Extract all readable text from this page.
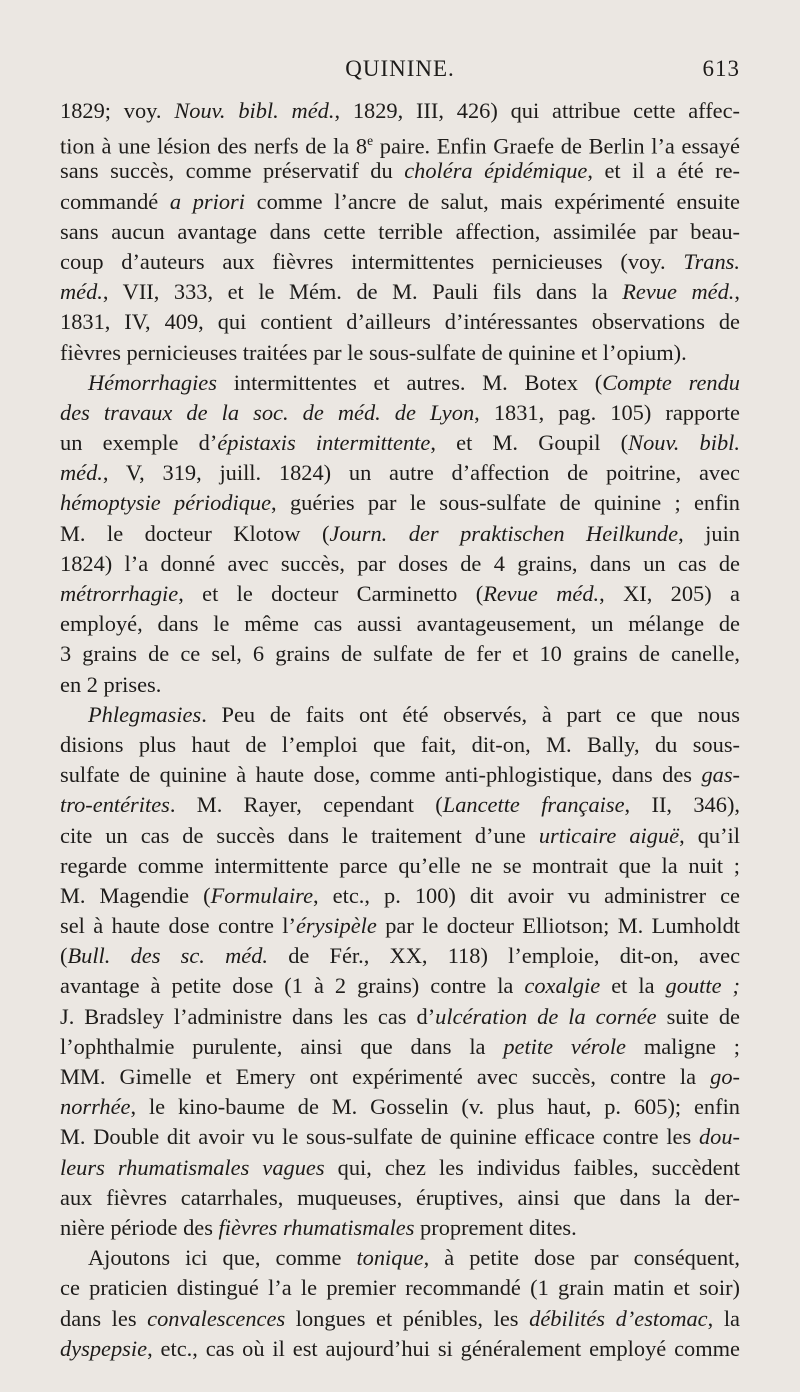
QUININE.	613
1829; voy. Nouv. bibl. méd., 1829, III, 426) qui attribue cette affec-
tion à une lésion des nerfs de la 8e paire. Enfin Graefe de Berlin l’a essayé
sans succès, comme préservatif du choléra épidémique, et il a été re-
commandé a priori comme l’ancre de salut, mais expérimenté ensuite
sans aucun avantage dans cette terrible affection, assimilée par beau-
coup d’auteurs aux fièvres intermittentes pernicieuses (voy. Trans.
méd., VII, 333, et le Mém. de M. Pauli fils dans la Revue méd.,
1831, IV, 409, qui contient d’ailleurs d’intéressantes observations de
fièvres pernicieuses traitées par le sous-sulfate de quinine et l’opium).
Hémorrhagies intermittentes et autres. M. Botex (Compte rendu
des travaux de la soc. de méd. de Lyon, 1831, pag. 105) rapporte
un exemple d’épistaxis intermittente, et M. Goupil (Nouv. bibl.
méd., V, 319, juill. 1824) un autre d’affection de poitrine, avec
hémoptysie périodique, guéries par le sous-sulfate de quinine ; enfin
M. le docteur Klotow (Journ. der praktischen Heilkunde, juin
1824) l’a donné avec succès, par doses de 4 grains, dans un cas de
métrorrhagie, et le docteur Carminetto (Revue méd., XI, 205) a
employé, dans le même cas aussi avantageusement, un mélange de
3 grains de ce sel, 6 grains de sulfate de fer et 10 grains de canelle,
en 2 prises.
Phlegmasies. Peu de faits ont été observés, à part ce que nous
disions plus haut de l’emploi que fait, dit-on, M. Bally, du sous-
sulfate de quinine à haute dose, comme anti-phlogistique, dans des gas-
tro-entérites. M. Rayer, cependant (Lancette française, II, 346),
cite un cas de succès dans le traitement d’une urticaire aiguë, qu’il
regarde comme intermittente parce qu’elle ne se montrait que la nuit ;
M. Magendie (Formulaire, etc., p. 100) dit avoir vu administrer ce
sel à haute dose contre l’érysipèle par le docteur Elliotson; M. Lumholdt
(Bull. des sc. méd. de Fér., XX, 118) l’emploie, dit-on, avec
avantage à petite dose (1 à 2 grains) contre la coxalgie et la goutte ;
J. Bradsley l’administre dans les cas d’ulcération de la cornée suite de
l’ophthalmie purulente, ainsi que dans la petite vérole maligne ;
MM. Gimelle et Emery ont expérimenté avec succès, contre la go-
norrhée, le kino-baume de M. Gosselin (v. plus haut, p. 605); enfin
M. Double dit avoir vu le sous-sulfate de quinine efficace contre les dou-
leurs rhumatismales vagues qui, chez les individus faibles, succèdent
aux fièvres catarrhales, muqueuses, éruptives, ainsi que dans la der-
nière période des fièvres rhumatismales proprement dites.
Ajoutons ici que, comme tonique, à petite dose par conséquent,
ce praticien distingué l’a le premier recommandé (1 grain matin et soir)
dans les convalescences longues et pénibles, les débilités d’estomac, la
dyspepsie, etc., cas où il est aujourd’hui si généralement employé comme
